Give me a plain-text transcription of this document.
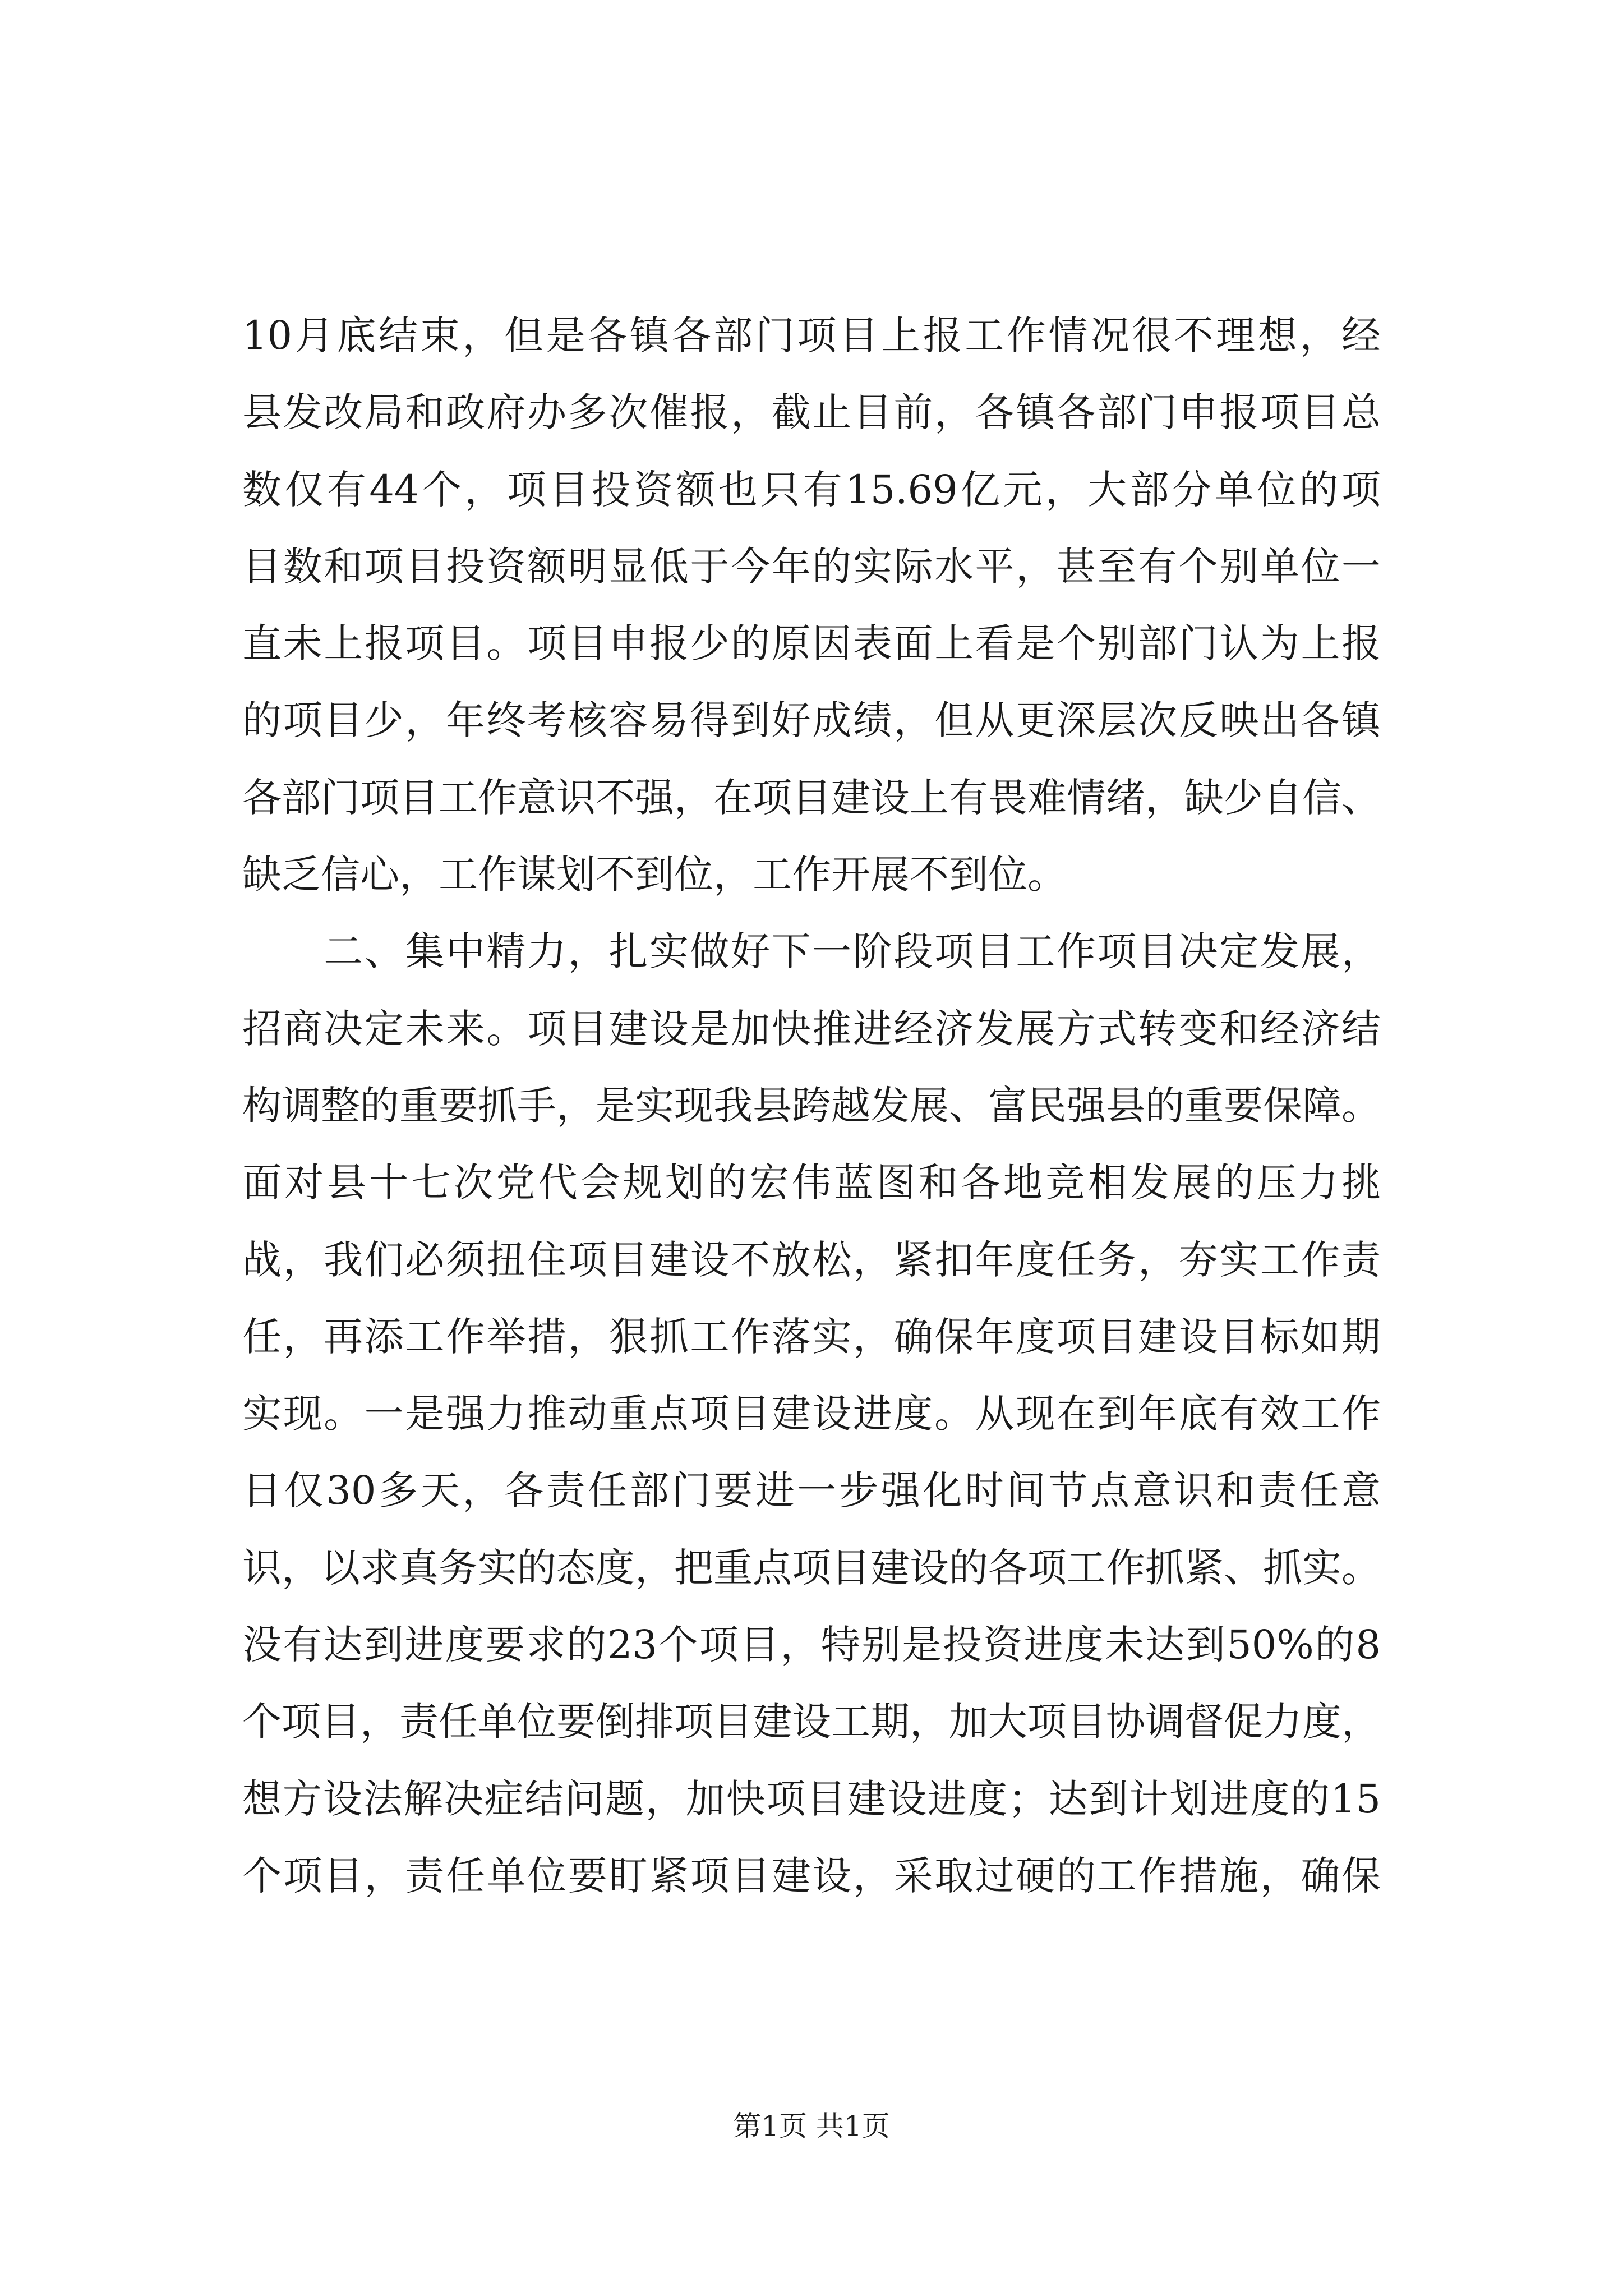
10月底结束，但是各镇各部门项目上报工作情况很不理想，经
县发改局和政府办多次催报，截止目前，各镇各部门申报项目总
数仅有44个，项目投资额也只有15.69亿元，大部分单位的项
目数和项目投资额明显低于今年的实际水平，甚至有个别单位一
直未上报项目。项目申报少的原因表面上看是个别部门认为上报
的项目少，年终考核容易得到好成绩，但从更深层次反映出各镇
各部门项目工作意识不强，在项目建设上有畏难情绪，缺少自信、
缺乏信心，工作谋划不到位，工作开展不到位。
　　二、集中精力，扎实做好下一阶段项目工作项目决定发展，
招商决定未来。项目建设是加快推进经济发展方式转变和经济结
构调整的重要抓手，是实现我县跨越发展、富民强县的重要保障。
面对县十七次党代会规划的宏伟蓝图和各地竞相发展的压力挑
战，我们必须扭住项目建设不放松，紧扣年度任务，夯实工作责
任，再添工作举措，狠抓工作落实，确保年度项目建设目标如期
实现。一是强力推动重点项目建设进度。从现在到年底有效工作
日仅30多天，各责任部门要进一步强化时间节点意识和责任意
识，以求真务实的态度，把重点项目建设的各项工作抓紧、抓实。
没有达到进度要求的23个项目，特别是投资进度未达到50%的8
个项目，责任单位要倒排项目建设工期，加大项目协调督促力度，
想方设法解决症结问题，加快项目建设进度；达到计划进度的15
个项目，责任单位要盯紧项目建设，采取过硬的工作措施，确保
第1页 共1页
